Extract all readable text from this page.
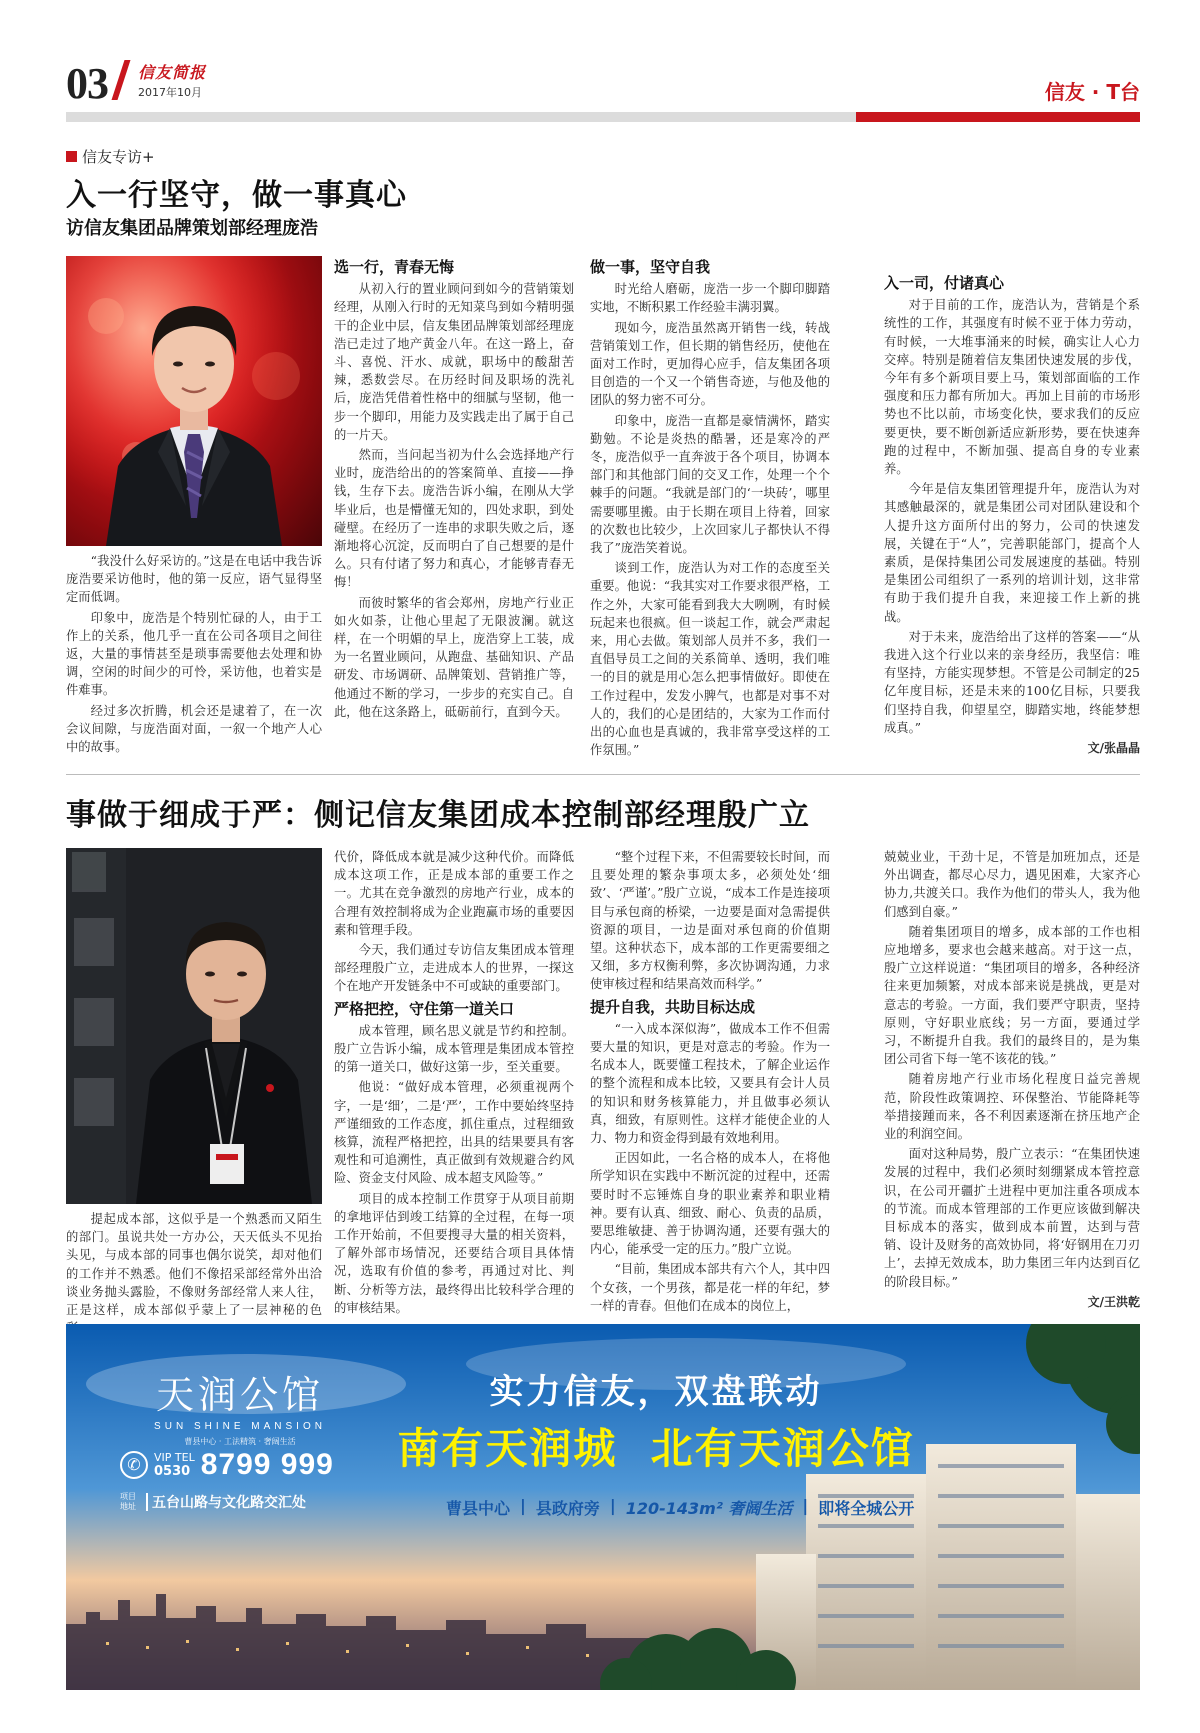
03 信友简报
2017年10月	信友 · T台
信友专访+
入一行坚守，做一事真心
访信友集团品牌策划部经理庞浩

“我没什么好采访的。”这是在电话中我告诉庞浩要采访他时，他的第一反应，语气显得坚定而低调。

印象中，庞浩是个特别忙碌的人，由于工作上的关系，他几乎一直在公司各项目之间往返，大量的事情甚至是琐事需要他去处理和协调，空闲的时间少的可怜，采访他，也着实是件难事。

经过多次折腾，机会还是逮着了，在一次会议间隙，与庞浩面对面，一叙一个地产人心中的故事。

选一行，青春无悔

从初入行的置业顾问到如今的营销策划经理，从刚入行时的无知菜鸟到如今精明强干的企业中层，信友集团品牌策划部经理庞浩已走过了地产黄金八年。在这一路上，奋斗、喜悦、汗水、成就，职场中的酸甜苦辣，悉数尝尽。在历经时间及职场的洗礼后，庞浩凭借着性格中的细腻与坚韧，他一步一个脚印，用能力及实践走出了属于自己的一片天。

然而，当问起当初为什么会选择地产行业时，庞浩给出的的答案简单、直接——挣钱，生存下去。庞浩告诉小编，在刚从大学毕业后，也是懵懂无知的，四处求职，到处碰壁。在经历了一连串的求职失败之后，逐渐地将心沉淀，反而明白了自己想要的是什么。只有付诸了努力和真心，才能够青春无悔！

而彼时繁华的省会郑州，房地产行业正如火如荼，让他心里起了无限波澜。就这样，在一个明媚的早上，庞浩穿上工装，成为一名置业顾问，从跑盘、基础知识、产品研发、市场调研、品牌策划、营销推广等，他通过不断的学习，一步步的充实自己。自此，他在这条路上，砥砺前行，直到今天。

做一事，坚守自我

时光给人磨砺，庞浩一步一个脚印脚踏实地，不断积累工作经验丰满羽翼。

现如今，庞浩虽然离开销售一线，转战营销策划工作，但长期的销售经历，使他在面对工作时，更加得心应手，信友集团各项目创造的一个又一个销售奇迹，与他及他的团队的努力密不可分。

印象中，庞浩一直都是豪情满怀，踏实勤勉。不论是炎热的酷暑，还是寒冷的严冬，庞浩似乎一直奔波于各个项目，协调本部门和其他部门间的交叉工作，处理一个个棘手的问题。“我就是部门的‘一块砖’，哪里需要哪里搬。由于长期在项目上待着，回家的次数也比较少，上次回家儿子都快认不得我了”庞浩笑着说。

谈到工作，庞浩认为对工作的态度至关重要。他说：“我其实对工作要求很严格，工作之外，大家可能看到我大大咧咧，有时候玩起来也很疯。但一谈起工作，就会严肃起来，用心去做。策划部人员并不多，我们一直倡导员工之间的关系简单、透明，我们唯一的目的就是用心怎么把事情做好。即使在工作过程中，发发小脾气，也都是对事不对人的，我们的心是团结的，大家为工作而付出的心血也是真诚的，我非常享受这样的工作氛围。”

入一司，付诸真心

对于目前的工作，庞浩认为，营销是个系统性的工作，其强度有时候不亚于体力劳动，有时候，一大堆事涌来的时候，确实让人心力交瘁。特别是随着信友集团快速发展的步伐，今年有多个新项目要上马，策划部面临的工作强度和压力都有所加大。再加上目前的市场形势也不比以前，市场变化快，要求我们的反应要更快，要不断创新适应新形势，要在快速奔跑的过程中，不断加强、提高自身的专业素养。

今年是信友集团管理提升年，庞浩认为对其感触最深的，就是集团公司对团队建设和个人提升这方面所付出的努力，公司的快速发展，关键在于“人”，完善职能部门，提高个人素质，是保持集团公司发展速度的基础。特别是集团公司组织了一系列的培训计划，这非常有助于我们提升自我，来迎接工作上新的挑战。

对于未来，庞浩给出了这样的答案——“从我进入这个行业以来的亲身经历，我坚信：唯有坚持，方能实现梦想。不管是公司制定的25亿年度目标，还是未来的100亿目标，只要我们坚持自我，仰望星空，脚踏实地，终能梦想成真。”

文/张晶晶

事做于细成于严：侧记信友集团成本控制部经理殷广立

提起成本部，这似乎是一个熟悉而又陌生的部门。虽说共处一方办公，天天低头不见抬头见，与成本部的同事也偶尔说笑，却对他们的工作并不熟悉。他们不像招采部经常外出洽谈业务抛头露脸，不像财务部经常人来人往，正是这样，成本部似乎蒙上了一层神秘的色

代价，降低成本就是减少这种代价。而降低成本这项工作，正是成本部的重要工作之一。尤其在竞争激烈的房地产行业，成本的合理有效控制将成为企业跑赢市场的重要因素和管理手段。

今天，我们通过专访信友集团成本管理部经理殷广立，走进成本人的世界，一探这个在地产开发链条中不可或缺的重要部门。

严格把控，守住第一道关口

成本管理，顾名思义就是节约和控制。殷广立告诉小编，成本管理是集团成本管控的第一道关口，做好这第一步，至关重要。

他说：“做好成本管理，必须重视两个字，一是‘细’，二是‘严’，工作中要始终坚持严谨细致的工作态度，抓住重点，过程细致核算，流程严格把控，出具的结果要具有客观性和可追溯性，真正做到有效规避合约风险、资金支付风险、成本超支风险等。”

项目的成本控制工作贯穿于从项目前期的拿地评估到竣工结算的全过程，在每一项工作开始前，不但要搜寻大量的相关资料，了解外部市场情况，还要结合项目具体情况，选取有价值的参考，再通过对比、判断、分析等方法，最终得出比较科学合理的的审核结果。

“整个过程下来，不但需要较长时间，而且要处理的繁杂事项太多，必须处处‘细致’、‘严谨’。”殷广立说，“成本工作是连接项目与承包商的桥梁，一边要是面对急需提供资源的项目，一边是面对承包商的价值期望。这种状态下，成本部的工作更需要细之又细，多方权衡利弊，多次协调沟通，力求使审核过程和结果高效而科学。”

提升自我，共助目标达成

“一入成本深似海”，做成本工作不但需要大量的知识，更是对意志的考验。作为一名成本人，既要懂工程技术，了解企业运作的整个流程和成本比较，又要具有会计人员的知识和财务核算能力，并且做事必须认真，细致，有原则性。这样才能使企业的人力、物力和资金得到最有效地利用。

正因如此，一名合格的成本人，在将他所学知识在实践中不断沉淀的过程中，还需要时时不忘锤炼自身的职业素养和职业精神。要有认真、细致、耐心、负责的品质，要思维敏捷、善于协调沟通，还要有强大的内心，能承受一定的压力。”殷广立说。

“目前，集团成本部共有六个人，其中四个女孩，一个男孩，都是花一样的年纪，梦一样的青春。但他们在成本的岗位上，

兢兢业业，干劲十足，不管是加班加点，还是外出调查，都尽心尽力，遇见困难，大家齐心协力,共渡关口。我作为他们的带头人，我为他们感到自豪。”

随着集团项目的增多，成本部的工作也相应地增多，要求也会越来越高。对于这一点，殷广立这样说道：“集团项目的增多，各种经济往来更加频繁，对成本部来说是挑战，更是对意志的考验。一方面，我们要严守职责，坚持原则，守好职业底线；另一方面，要通过学习，不断提升自我。我们的最终目的，是为集团公司省下每一笔不该花的钱。”

随着房地产行业市场化程度日益完善规范，阶段性政策调控、环保整治、节能降耗等举措接踵而来，各不利因素逐渐在挤压地产企业的利润空间。

面对这种局势，殷广立表示：“在集团快速发展的过程中，我们必须时刻绷紧成本管控意识，在公司开疆扩土进程中更加注重各项成本的节流。而成本管理部的工作更应该做到解决目标成本的落实，做到成本前置，达到与营销、设计及财务的高效协同，将‘好钢用在刀刃上’，去掉无效成本，助力集团三年内达到百亿的阶段目标。”

文/王洪乾

天润公馆
SUN SHINE MANSION
曹县中心 · 工法精筑 · 奢阔生活
✆	VIP TEL
0530 8799 999
项目地址	五台山路与文化路交汇处
实力信友，双盘联动
南有天润城  北有天润公馆
曹县中心 | 县政府旁 | 120-143m² 奢阔生活 | 即将全城公开
